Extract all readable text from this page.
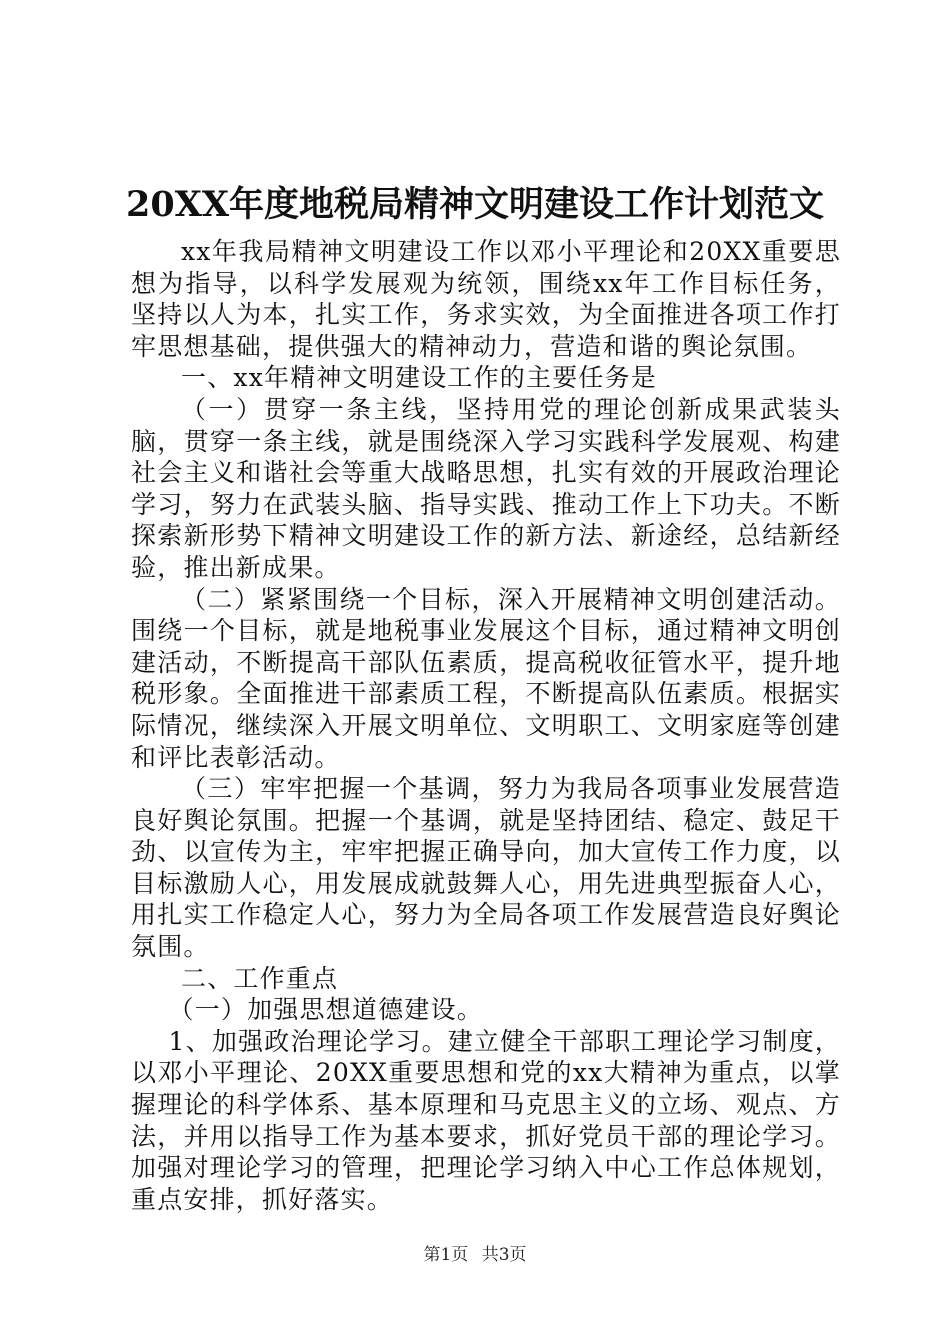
20XX年度地税局精神文明建设工作计划范文

xx年我局精神文明建设工作以邓小平理论和20XX重要思想为指导，以科学发展观为统领，围绕xx年工作目标任务，坚持以人为本，扎实工作，务求实效，为全面推进各项工作打牢思想基础，提供强大的精神动力，营造和谐的舆论氛围。

一、xx年精神文明建设工作的主要任务是

（一）贯穿一条主线，坚持用党的理论创新成果武装头脑，贯穿一条主线，就是围绕深入学习实践科学发展观、构建社会主义和谐社会等重大战略思想，扎实有效的开展政治理论学习，努力在武装头脑、指导实践、推动工作上下功夫。不断探索新形势下精神文明建设工作的新方法、新途经，总结新经验，推出新成果。

（二）紧紧围绕一个目标，深入开展精神文明创建活动。围绕一个目标，就是地税事业发展这个目标，通过精神文明创建活动，不断提高干部队伍素质，提高税收征管水平，提升地税形象。全面推进干部素质工程，不断提高队伍素质。根据实际情况，继续深入开展文明单位、文明职工、文明家庭等创建和评比表彰活动。

（三）牢牢把握一个基调，努力为我局各项事业发展营造良好舆论氛围。把握一个基调，就是坚持团结、稳定、鼓足干劲、以宣传为主，牢牢把握正确导向，加大宣传工作力度，以目标激励人心，用发展成就鼓舞人心，用先进典型振奋人心，用扎实工作稳定人心，努力为全局各项工作发展营造良好舆论氛围。

二、工作重点

（一）加强思想道德建设。

1、加强政治理论学习。建立健全干部职工理论学习制度，以邓小平理论、20XX重要思想和党的xx大精神为重点，以掌握理论的科学体系、基本原理和马克思主义的立场、观点、方法，并用以指导工作为基本要求，抓好党员干部的理论学习。加强对理论学习的管理，把理论学习纳入中心工作总体规划，重点安排，抓好落实。

第1页 共3页
